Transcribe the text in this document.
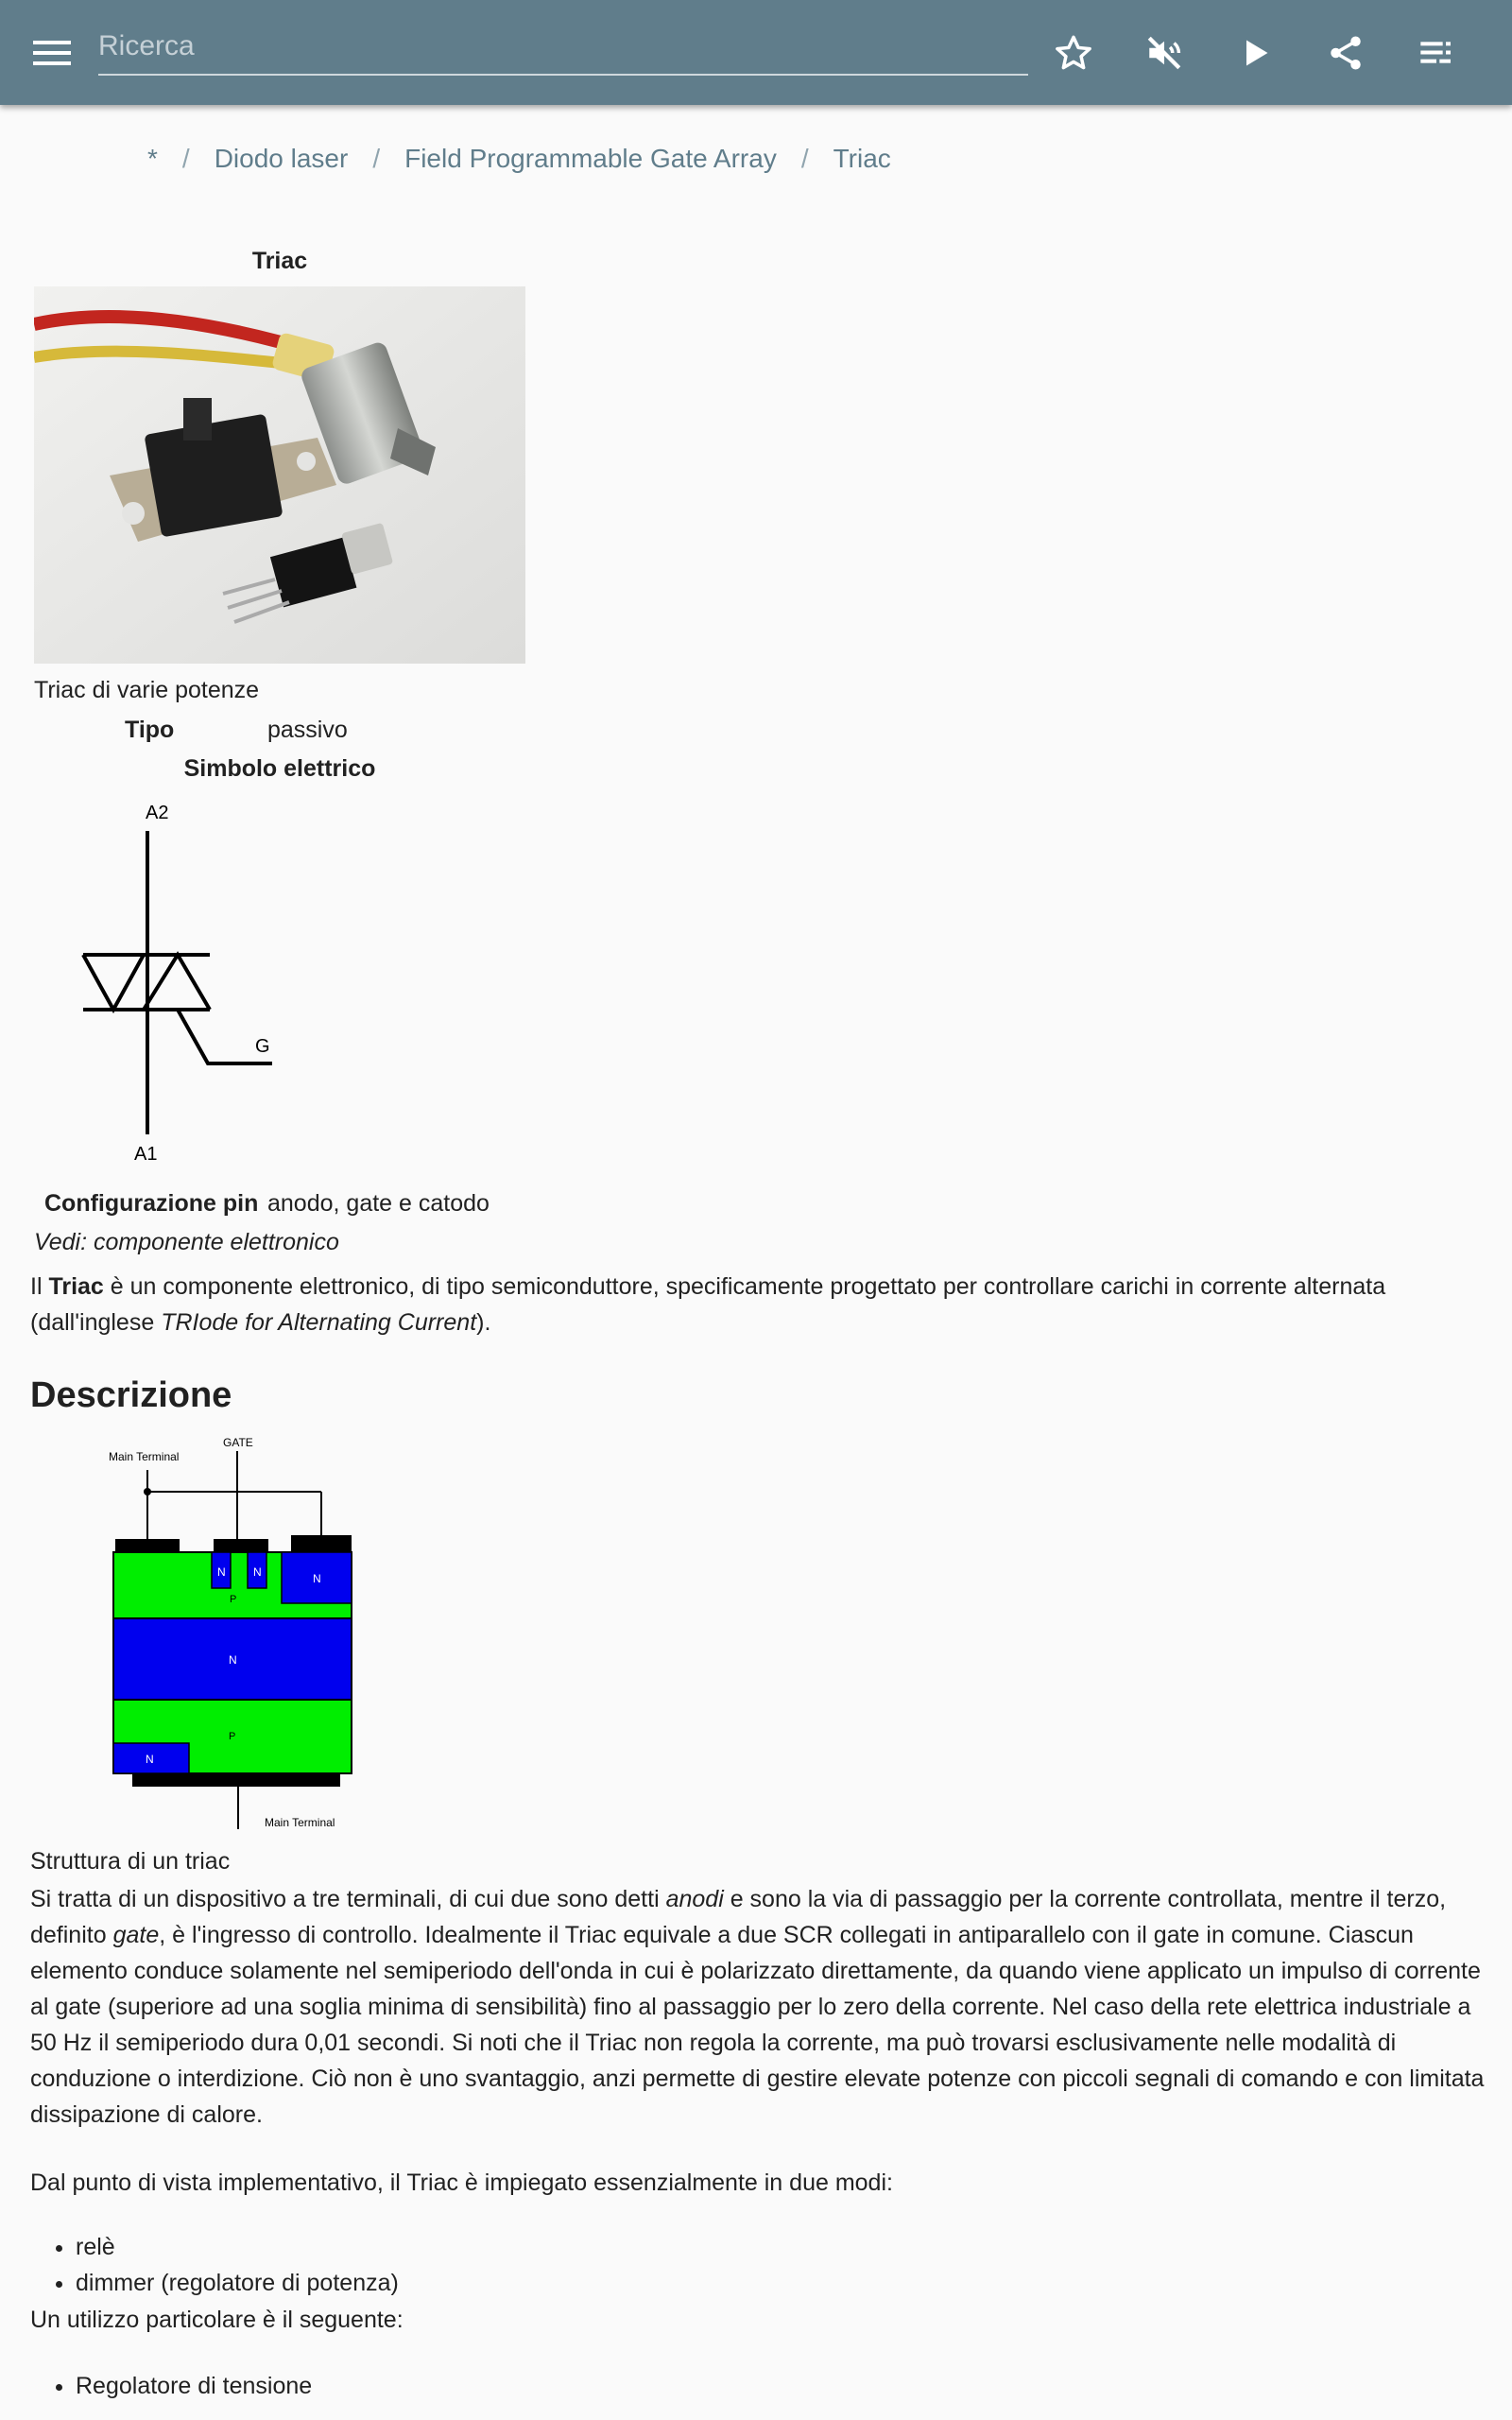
Ricerca
* / Diodo laser / Field Programmable Gate Array / Triac
Triac
Triac di varie potenze
Tipo	passivo
Simbolo elettrico
A2
G
A1
Configurazione pin anodo, gate e catodo
Vedi: componente elettronico
Il Triac è un componente elettronico, di tipo semiconduttore, specificamente progettato per controllare carichi in corrente alternata (dall'inglese TRIode for Alternating Current).
Descrizione
GATE
Main Terminal
N N	N
P
N
P
N
Main Terminal
Struttura di un triac
Si tratta di un dispositivo a tre terminali, di cui due sono detti anodi e sono la via di passaggio per la corrente controllata, mentre il terzo, definito gate, è l'ingresso di controllo. Idealmente il Triac equivale a due SCR collegati in antiparallelo con il gate in comune. Ciascun elemento conduce solamente nel semiperiodo dell'onda in cui è polarizzato direttamente, da quando viene applicato un impulso di corrente al gate (superiore ad una soglia minima di sensibilità) fino al passaggio per lo zero della corrente. Nel caso della rete elettrica industriale a 50 Hz il semiperiodo dura 0,01 secondi. Si noti che il Triac non regola la corrente, ma può trovarsi esclusivamente nelle modalità di conduzione o interdizione. Ciò non è uno svantaggio, anzi permette di gestire elevate potenze con piccoli segnali di comando e con limitata dissipazione di calore.
Dal punto di vista implementativo, il Triac è impiegato essenzialmente in due modi:
• relè
• dimmer (regolatore di potenza)
Un utilizzo particolare è il seguente:
• Regolatore di tensione
